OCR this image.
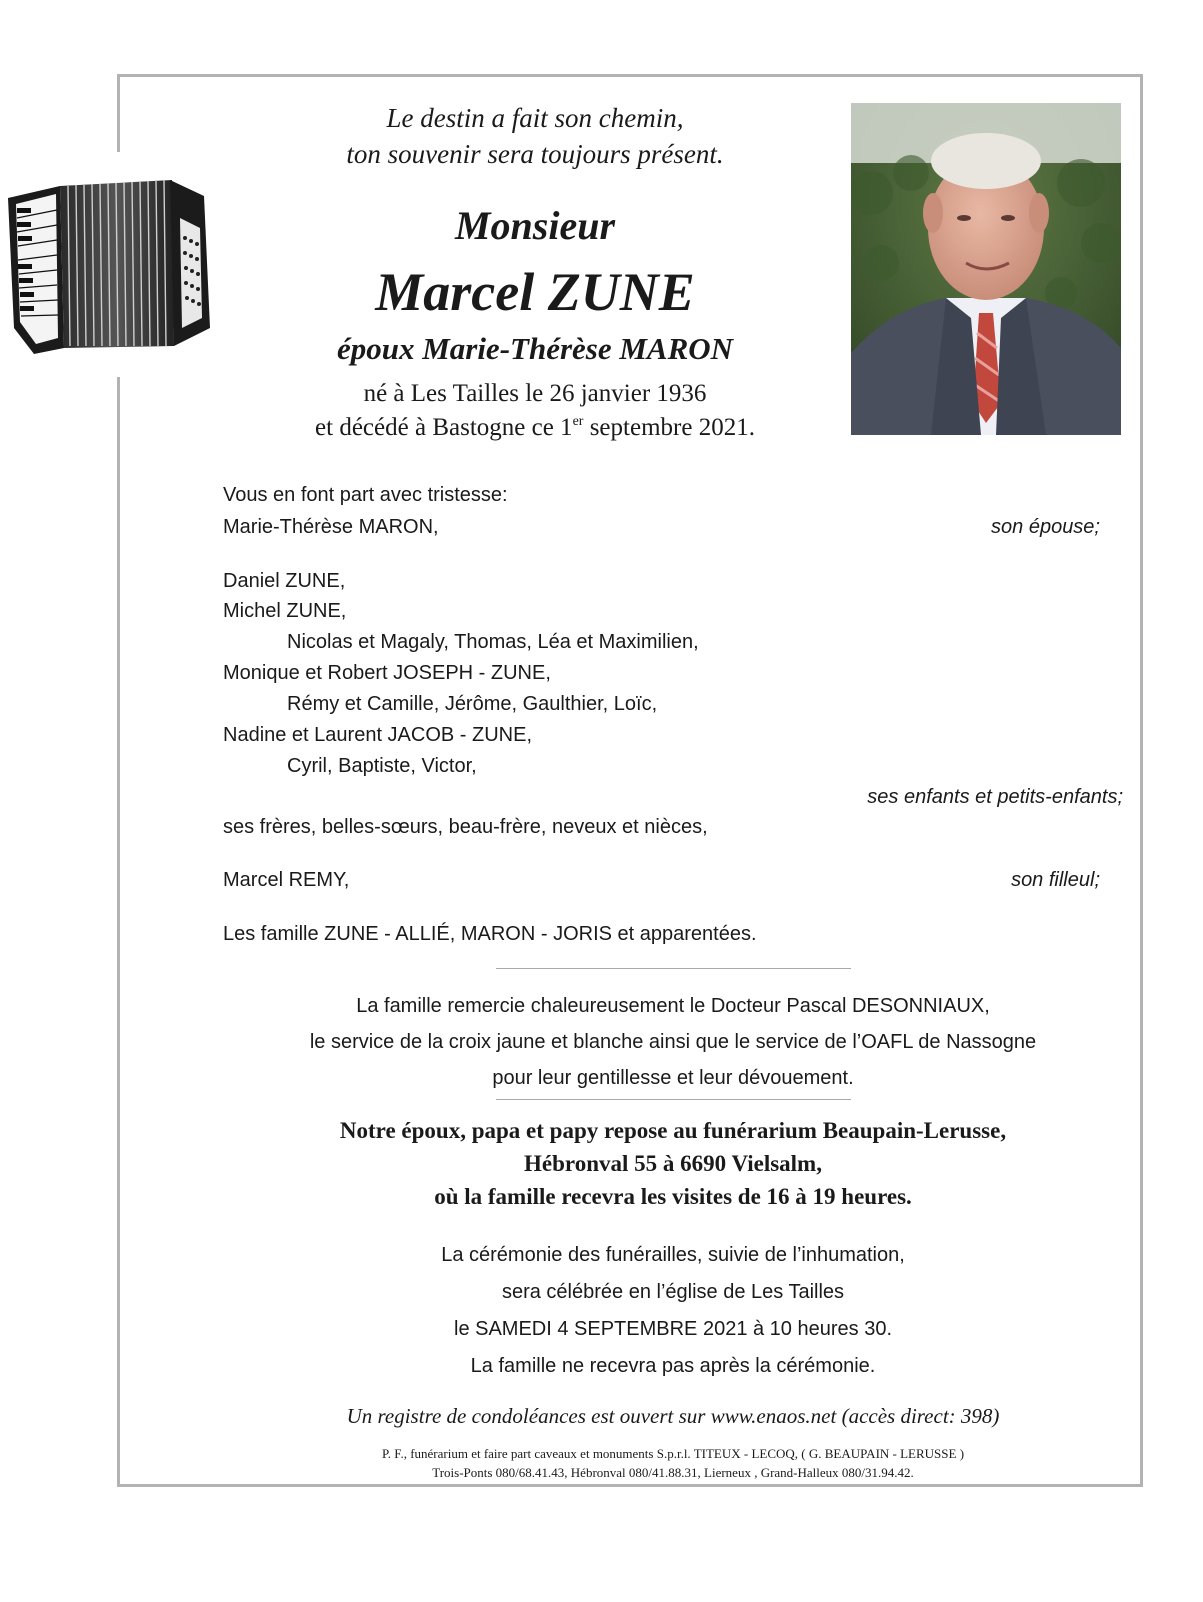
Le destin a fait son chemin,
ton souvenir sera toujours présent.
Monsieur
Marcel ZUNE
époux Marie-Thérèse MARON
né à Les Tailles le 26 janvier 1936
et décédé à Bastogne ce 1er septembre 2021.
Vous en font part avec tristesse:
Marie-Thérèse MARON,	son épouse;
Daniel ZUNE,
Michel ZUNE,
Nicolas et Magaly, Thomas, Léa et Maximilien,
Monique et Robert JOSEPH - ZUNE,
Rémy et Camille, Jérôme, Gaulthier, Loïc,
Nadine et Laurent JACOB - ZUNE,
Cyril, Baptiste, Victor,
ses enfants et petits-enfants;
ses frères, belles-sœurs, beau-frère, neveux et nièces,
Marcel REMY,	son filleul;
Les famille ZUNE - ALLIÉ, MARON - JORIS et apparentées.
La famille remercie chaleureusement le Docteur Pascal DESONNIAUX,
le service de la croix jaune et blanche ainsi que le service de l’OAFL de Nassogne
pour leur gentillesse et leur dévouement.
Notre époux, papa et papy repose au funérarium Beaupain-Lerusse,
Hébronval 55 à 6690 Vielsalm,
où la famille recevra les visites de 16 à 19 heures.
La cérémonie des funérailles, suivie de l’inhumation,
sera célébrée en l’église de Les Tailles
le SAMEDI 4 SEPTEMBRE 2021 à 10 heures 30.
La famille ne recevra pas après la cérémonie.
Un registre de condoléances est ouvert sur www.enaos.net (accès direct: 398)
P. F., funérarium et faire part caveaux et monuments S.p.r.l. TITEUX - LECOQ, ( G. BEAUPAIN - LERUSSE )
Trois-Ponts 080/68.41.43, Hébronval 080/41.88.31, Lierneux , Grand-Halleux 080/31.94.42.
